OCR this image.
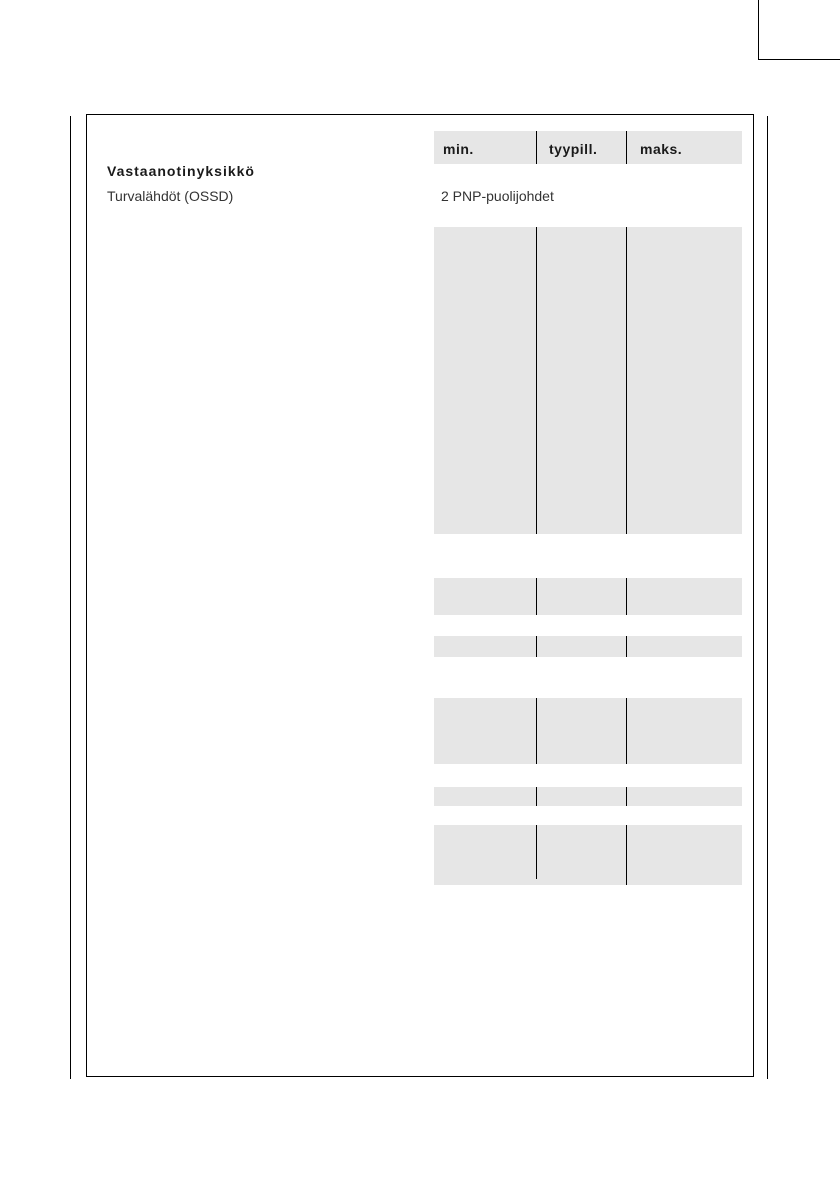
min.	tyypill.	maks.
Vastaanotinyksikkö
Turvalähdöt (OSSD)	2 PNP-puolijohdet
